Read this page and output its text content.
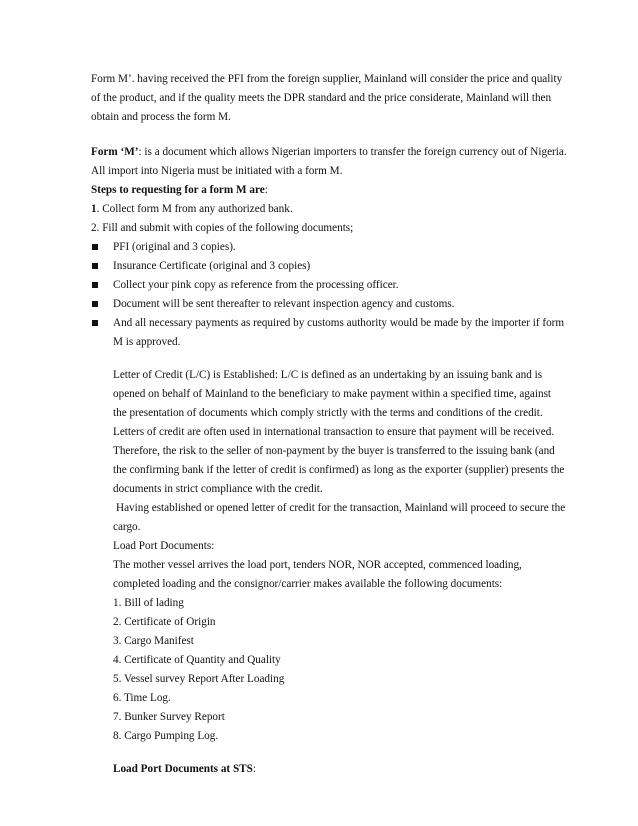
Form M’. having received the PFI from the foreign supplier, Mainland will consider the price and quality of the product, and if the quality meets the DPR standard and the price considerate, Mainland will then obtain and process the form M.

Form ‘M’: is a document which allows Nigerian importers to transfer the foreign currency out of Nigeria. All import into Nigeria must be initiated with a form M.

Steps to requesting for a form M are:

1. Collect form M from any authorized bank.

2. Fill and submit with copies of the following documents;

PFI (original and 3 copies).
Insurance Certificate (original and 3 copies)
Collect your pink copy as reference from the processing officer.
Document will be sent thereafter to relevant inspection agency and customs.
And all necessary payments as required by customs authority would be made by the importer if form M is approved.

Letter of Credit (L/C) is Established: L/C is defined as an undertaking by an issuing bank and is opened on behalf of Mainland to the beneficiary to make payment within a specified time, against the presentation of documents which comply strictly with the terms and conditions of the credit. Letters of credit are often used in international transaction to ensure that payment will be received.

Therefore, the risk to the seller of non-payment by the buyer is transferred to the issuing bank (and the confirming bank if the letter of credit is confirmed) as long as the exporter (supplier) presents the documents in strict compliance with the credit.

Having established or opened letter of credit for the transaction, Mainland will proceed to secure the cargo.

Load Port Documents:

The mother vessel arrives the load port, tenders NOR, NOR accepted, commenced loading, completed loading and the consignor/carrier makes available the following documents:

1. Bill of lading

2. Certificate of Origin

3. Cargo Manifest

4. Certificate of Quantity and Quality

5. Vessel survey Report After Loading

6. Time Log.

7. Bunker Survey Report

8. Cargo Pumping Log.

Load Port Documents at STS:
